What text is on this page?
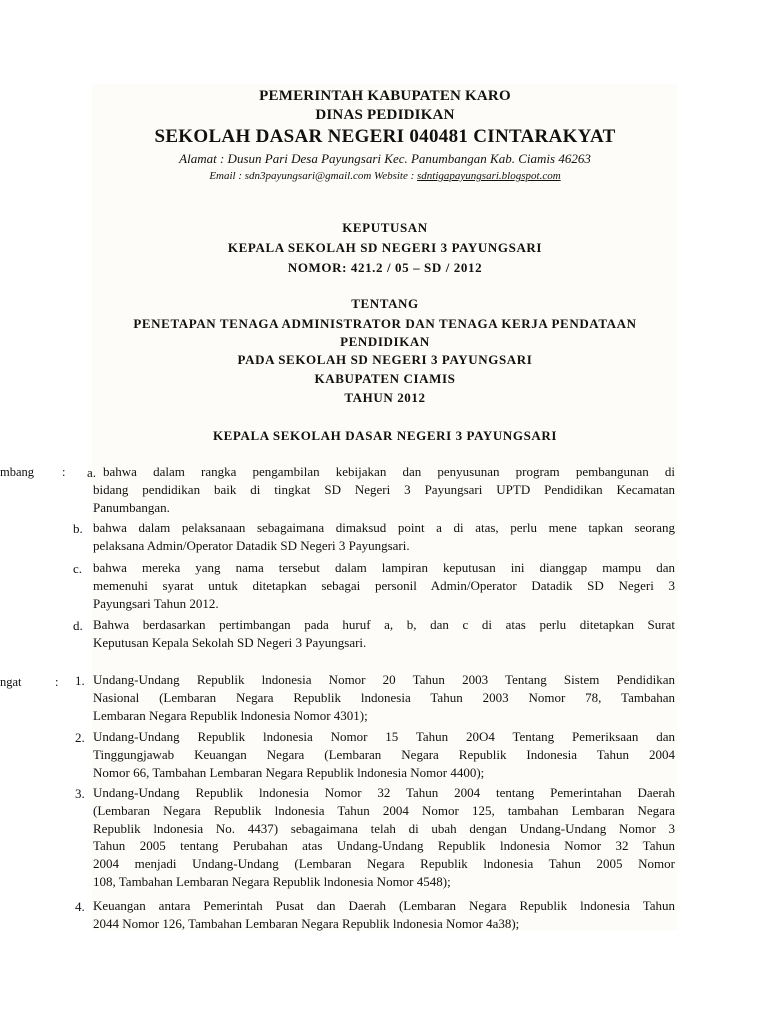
PEMERINTAH KABUPATEN KARO
DINAS PEDIDIKAN
SEKOLAH DASAR NEGERI 040481 CINTARAKYAT
Alamat : Dusun Pari Desa Payungsari Kec. Panumbangan Kab. Ciamis 46263
Email : sdn3payungsari@gmail.com Website : sdntigapayungsari.blogspot.com
KEPUTUSAN
KEPALA SEKOLAH SD NEGERI 3 PAYUNGSARI
NOMOR: 421.2 / 05 – SD / 2012
TENTANG
PENETAPAN TENAGA ADMINISTRATOR DAN TENAGA KERJA PENDATAAN
PENDIDIKAN
PADA SEKOLAH SD NEGERI 3 PAYUNGSARI
KABUPATEN CIAMIS
TAHUN 2012
KEPALA SEKOLAH DASAR NEGERI 3 PAYUNGSARI
mbang : a. bahwa dalam rangka pengambilan kebijakan dan penyusunan program pembangunan di
bidang pendidikan baik di tingkat SD Negeri 3 Payungsari UPTD Pendidikan Kecamatan
Panumbangan.
b. bahwa dalam pelaksanaan sebagaimana dimaksud point a di atas, perlu mene tapkan seorang
pelaksana Admin/Operator Datadik SD Negeri 3 Payungsari.
c. bahwa mereka yang nama tersebut dalam lampiran keputusan ini dianggap mampu dan
memenuhi syarat untuk ditetapkan sebagai personil Admin/Operator Datadik SD Negeri 3
Payungsari Tahun 2012.
d. Bahwa berdasarkan pertimbangan pada huruf a, b, dan c di atas perlu ditetapkan Surat
Keputusan Kepala Sekolah SD Negeri 3 Payungsari.
ngat	: 1. Undang-Undang Republik lndonesia Nomor 20 Tahun 2003 Tentang Sistem Pendidikan
Nasional (Lembaran Negara Republik lndonesia Tahun 2003 Nomor 78, Tambahan
Lembaran Negara Republik lndonesia Nomor 4301);
2. Undang-Undang Republik lndonesia Nomor 15 Tahun 20O4 Tentang Pemeriksaan dan
Tinggungjawab Keuangan Negara (Lembaran Negara Republik Indonesia Tahun 2004
Nomor 66, Tambahan Lembaran Negara Republik lndonesia Nomor 4400);
3. Undang-Undang Republik lndonesia Nomor 32 Tahun 2004 tentang Pemerintahan Daerah
(Lembaran Negara Republik lndonesia Tahun 2004 Nomor 125, tambahan Lembaran Negara
Republik lndonesia No. 4437) sebagaimana telah di ubah dengan Undang-Undang Nomor 3
Tahun 2005 tentang Perubahan atas Undang-Undang Republik lndonesia Nomor 32 Tahun
2004 menjadi Undang-Undang (Lembaran Negara Republik lndonesia Tahun 2005 Nomor
108, Tambahan Lembaran Negara Republik lndonesia Nomor 4548);
4. Keuangan antara Pemerintah Pusat dan Daerah (Lembaran Negara Republik lndonesia Tahun
2044 Nomor 126, Tambahan Lembaran Negara Republik lndonesia Nomor 4a38);
